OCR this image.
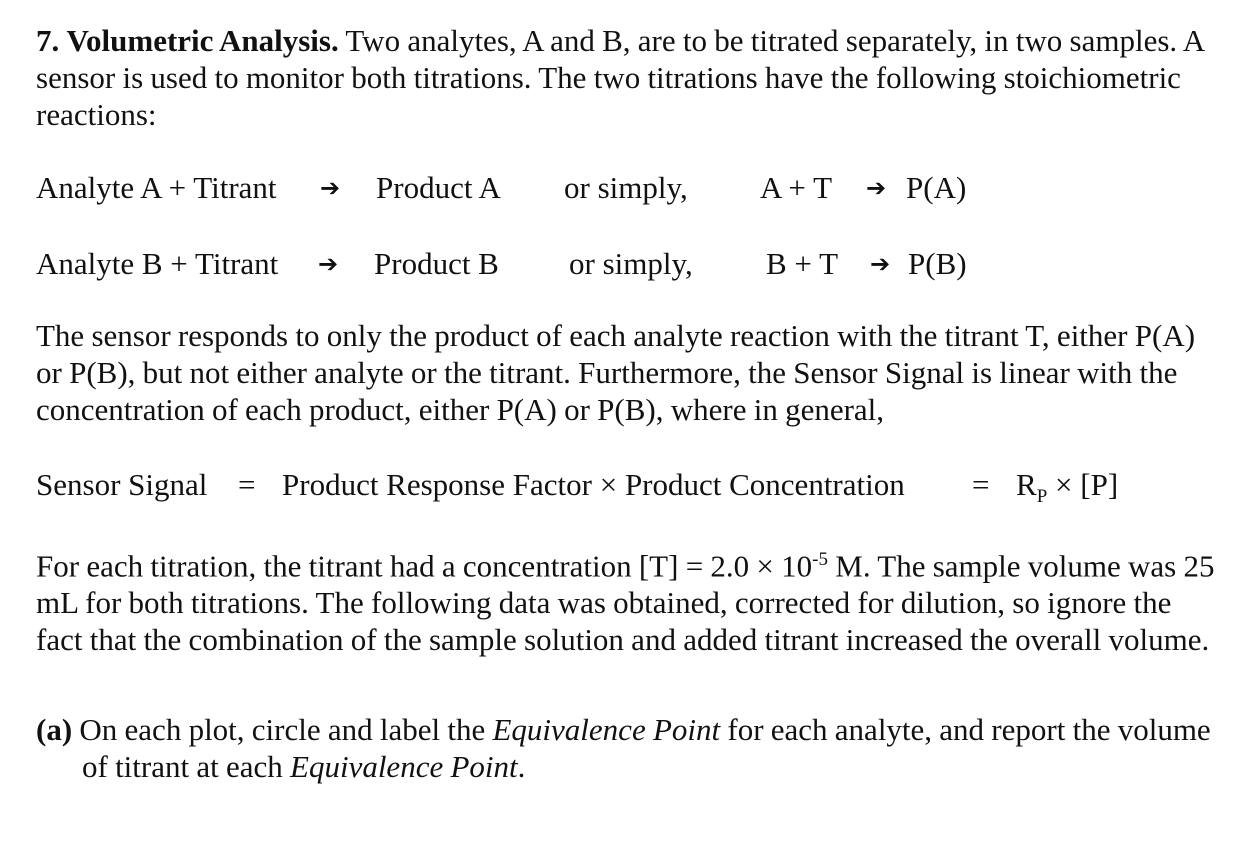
7. Volumetric Analysis. Two analytes, A and B, are to be titrated separately, in two samples. A sensor is used to monitor both titrations. The two titrations have the following stoichiometric reactions:

Analyte A + Titrant ➔ Product A or simply, A + T ➔ P(A)
Analyte B + Titrant ➔ Product B or simply, B + T ➔ P(B)

The sensor responds to only the product of each analyte reaction with the titrant T, either P(A) or P(B), but not either analyte or the titrant. Furthermore, the Sensor Signal is linear with the concentration of each product, either P(A) or P(B), where in general,

Sensor Signal = Product Response Factor × Product Concentration = $R_P \times [P]$

For each titration, the titrant had a concentration $[T] = 2.0 \times 10^{-5}$ M. The sample volume was 25 mL for both titrations. The following data was obtained, corrected for dilution, so ignore the fact that the combination of the sample solution and added titrant increased the overall volume.

(a) On each plot, circle and label the Equivalence Point for each analyte, and report the volume of titrant at each Equivalence Point.
